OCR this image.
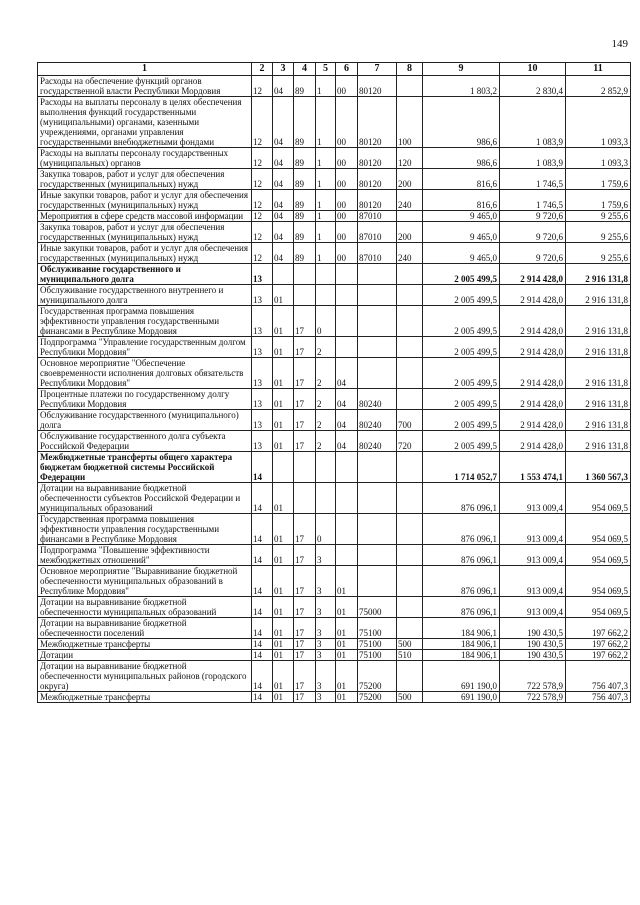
149
1	2	3	4	5	6	7	8	9	10	11
Расходы на обеспечение функций органов государственной власти Республики Мордовия	12	04	89	1	00	80120		1 803,2	2 830,4	2 852,9
Расходы на выплаты персоналу в целях обеспечения выполнения функций государственными (муниципальными) органами, казенными учреждениями, органами управления государственными внебюджетными фондами	12	04	89	1	00	80120	100	986,6	1 083,9	1 093,3
Расходы на выплаты персоналу государственных (муниципальных) органов	12	04	89	1	00	80120	120	986,6	1 083,9	1 093,3
Закупка товаров, работ и услуг для обеспечения государственных (муниципальных) нужд	12	04	89	1	00	80120	200	816,6	1 746,5	1 759,6
Иные закупки товаров, работ и услуг для обеспечения государственных (муниципальных) нужд	12	04	89	1	00	80120	240	816,6	1 746,5	1 759,6
Мероприятия в сфере средств массовой информации	12	04	89	1	00	87010		9 465,0	9 720,6	9 255,6
Закупка товаров, работ и услуг для обеспечения государственных (муниципальных) нужд	12	04	89	1	00	87010	200	9 465,0	9 720,6	9 255,6
Иные закупки товаров, работ и услуг для обеспечения государственных (муниципальных) нужд	12	04	89	1	00	87010	240	9 465,0	9 720,6	9 255,6
Обслуживание государственного и муниципального долга	13							2 005 499,5	2 914 428,0	2 916 131,8
Обслуживание государственного внутреннего и муниципального долга	13	01						2 005 499,5	2 914 428,0	2 916 131,8
Государственная программа повышения эффективности управления государственными финансами в Республике Мордовия	13	01	17	0				2 005 499,5	2 914 428,0	2 916 131,8
Подпрограмма "Управление государственным долгом Республики Мордовия"	13	01	17	2				2 005 499,5	2 914 428,0	2 916 131,8
Основное мероприятие "Обеспечение своевременности исполнения долговых обязательств Республики Мордовия"	13	01	17	2	04			2 005 499,5	2 914 428,0	2 916 131,8
Процентные платежи по государственному долгу Республики Мордовия	13	01	17	2	04	80240		2 005 499,5	2 914 428,0	2 916 131,8
Обслуживание государственного (муниципального) долга	13	01	17	2	04	80240	700	2 005 499,5	2 914 428,0	2 916 131,8
Обслуживание государственного долга субъекта Российской Федерации	13	01	17	2	04	80240	720	2 005 499,5	2 914 428,0	2 916 131,8
Межбюджетные трансферты общего характера бюджетам бюджетной системы Российской Федерации	14							1 714 052,7	1 553 474,1	1 360 567,3
Дотации на выравнивание бюджетной обеспеченности субъектов Российской Федерации и муниципальных образований	14	01						876 096,1	913 009,4	954 069,5
Государственная программа повышения эффективности управления государственными финансами в Республике Мордовия	14	01	17	0				876 096,1	913 009,4	954 069,5
Подпрограмма "Повышение эффективности межбюджетных отношений"	14	01	17	3				876 096,1	913 009,4	954 069,5
Основное мероприятие "Выравнивание бюджетной обеспеченности муниципальных образований в Республике Мордовия"	14	01	17	3	01			876 096,1	913 009,4	954 069,5
Дотации на выравнивание бюджетной обеспеченности муниципальных образований	14	01	17	3	01	75000		876 096,1	913 009,4	954 069,5
Дотации на выравнивание бюджетной обеспеченности поселений	14	01	17	3	01	75100		184 906,1	190 430,5	197 662,2
Межбюджетные трансферты	14	01	17	3	01	75100	500	184 906,1	190 430,5	197 662,2
Дотации	14	01	17	3	01	75100	510	184 906,1	190 430,5	197 662,2
Дотации на выравнивание бюджетной обеспеченности муниципальных районов (городского округа)	14	01	17	3	01	75200		691 190,0	722 578,9	756 407,3
Межбюджетные трансферты	14	01	17	3	01	75200	500	691 190,0	722 578,9	756 407,3
